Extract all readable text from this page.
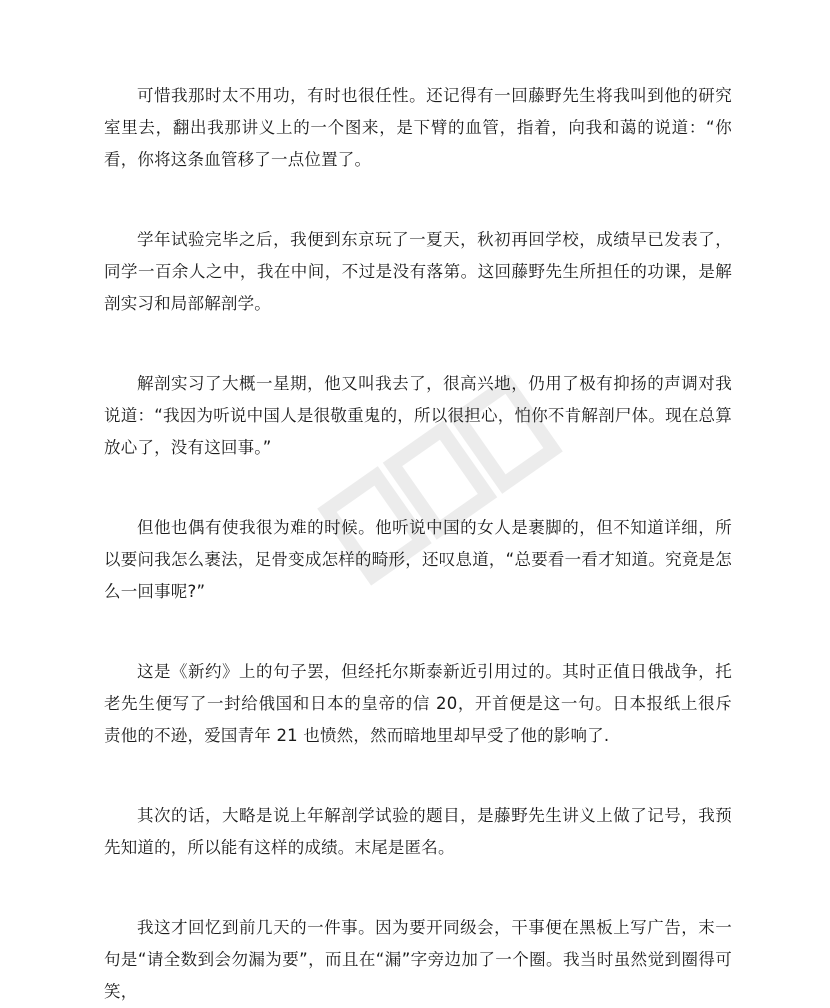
可惜我那时太不用功，有时也很任性。还记得有一回藤野先生将我叫到他的研究室里去，翻出我那讲义上的一个图来，是下臂的血管，指着，向我和蔼的说道：“你看，你将这条血管移了一点位置了。

学年试验完毕之后，我便到东京玩了一夏天，秋初再回学校，成绩早已发表了，同学一百余人之中，我在中间，不过是没有落第。这回藤野先生所担任的功课，是解剖实习和局部解剖学。

解剖实习了大概一星期，他又叫我去了，很高兴地，仍用了极有抑扬的声调对我说道：“我因为听说中国人是很敬重鬼的，所以很担心，怕你不肯解剖尸体。现在总算放心了，没有这回事。”

但他也偶有使我很为难的时候。他听说中国的女人是裹脚的，但不知道详细，所以要问我怎么裹法，足骨变成怎样的畸形，还叹息道，“总要看一看才知道。究竟是怎么一回事呢?”

这是《新约》上的句子罢，但经托尔斯泰新近引用过的。其时正值日俄战争，托老先生便写了一封给俄国和日本的皇帝的信 20，开首便是这一句。日本报纸上很斥责他的不逊，爱国青年 21 也愤然，然而暗地里却早受了他的影响了.

其次的话，大略是说上年解剖学试验的题目，是藤野先生讲义上做了记号，我预先知道的，所以能有这样的成绩。末尾是匿名。

我这才回忆到前几天的一件事。因为要开同级会，干事便在黑板上写广告，末一句是“请全数到会勿漏为要”，而且在“漏”字旁边加了一个圈。我当时虽然觉到圈得可笑，
